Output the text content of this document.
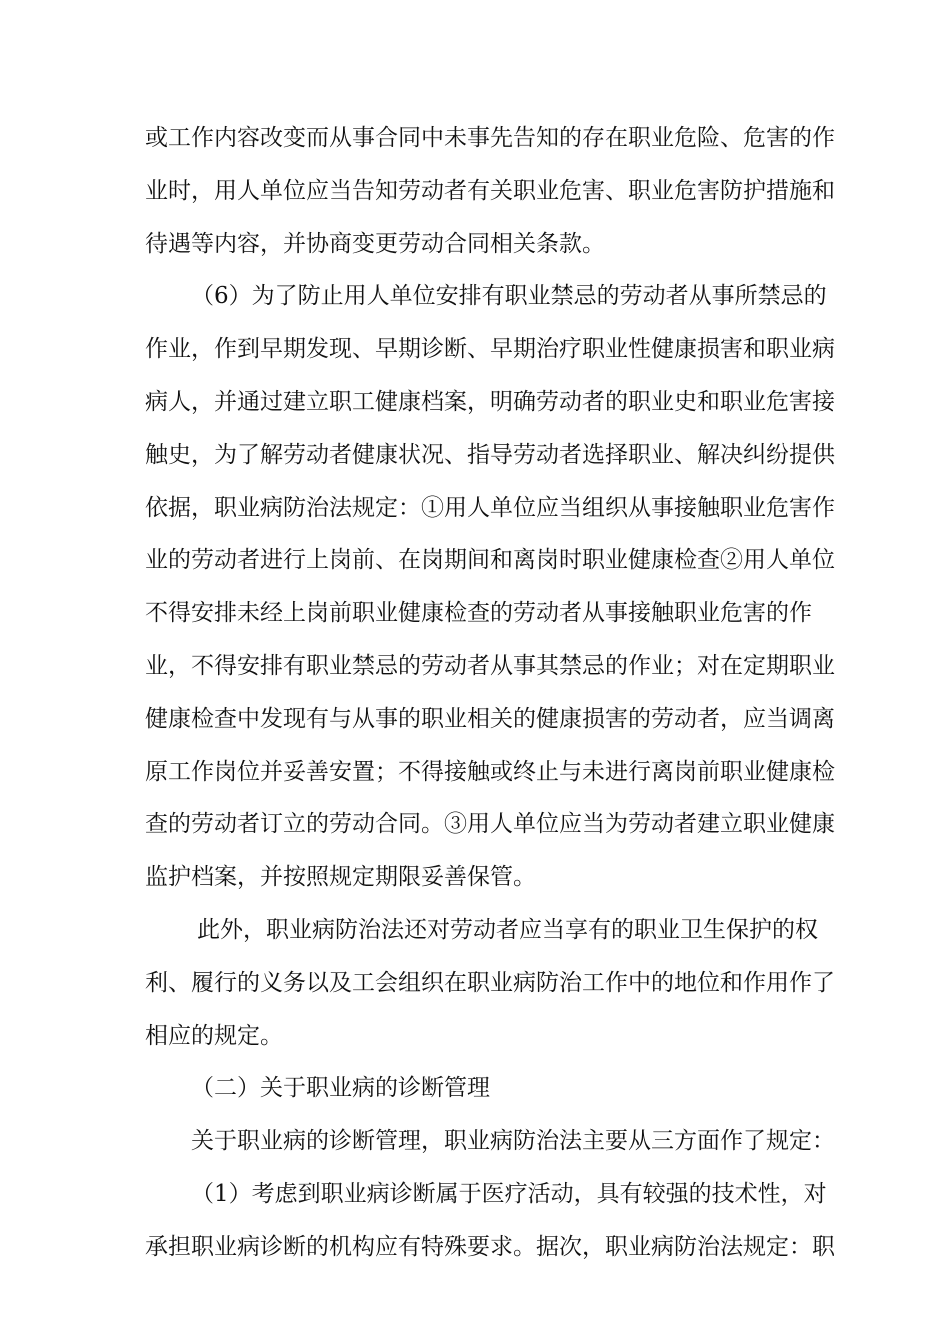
或工作内容改变而从事合同中未事先告知的存在职业危险、危害的作
业时，用人单位应当告知劳动者有关职业危害、职业危害防护措施和
待遇等内容，并协商变更劳动合同相关条款。
（6）为了防止用人单位安排有职业禁忌的劳动者从事所禁忌的
作业，作到早期发现、早期诊断、早期治疗职业性健康损害和职业病
病人，并通过建立职工健康档案，明确劳动者的职业史和职业危害接
触史，为了解劳动者健康状况、指导劳动者选择职业、解决纠纷提供
依据，职业病防治法规定：①用人单位应当组织从事接触职业危害作
业的劳动者进行上岗前、在岗期间和离岗时职业健康检查②用人单位
不得安排未经上岗前职业健康检查的劳动者从事接触职业危害的作
业，不得安排有职业禁忌的劳动者从事其禁忌的作业；对在定期职业
健康检查中发现有与从事的职业相关的健康损害的劳动者，应当调离
原工作岗位并妥善安置；不得接触或终止与未进行离岗前职业健康检
查的劳动者订立的劳动合同。③用人单位应当为劳动者建立职业健康
监护档案，并按照规定期限妥善保管。
此外，职业病防治法还对劳动者应当享有的职业卫生保护的权
利、履行的义务以及工会组织在职业病防治工作中的地位和作用作了
相应的规定。
（二）关于职业病的诊断管理
关于职业病的诊断管理，职业病防治法主要从三方面作了规定：
（1）考虑到职业病诊断属于医疗活动，具有较强的技术性，对
承担职业病诊断的机构应有特殊要求。据次，职业病防治法规定：职
